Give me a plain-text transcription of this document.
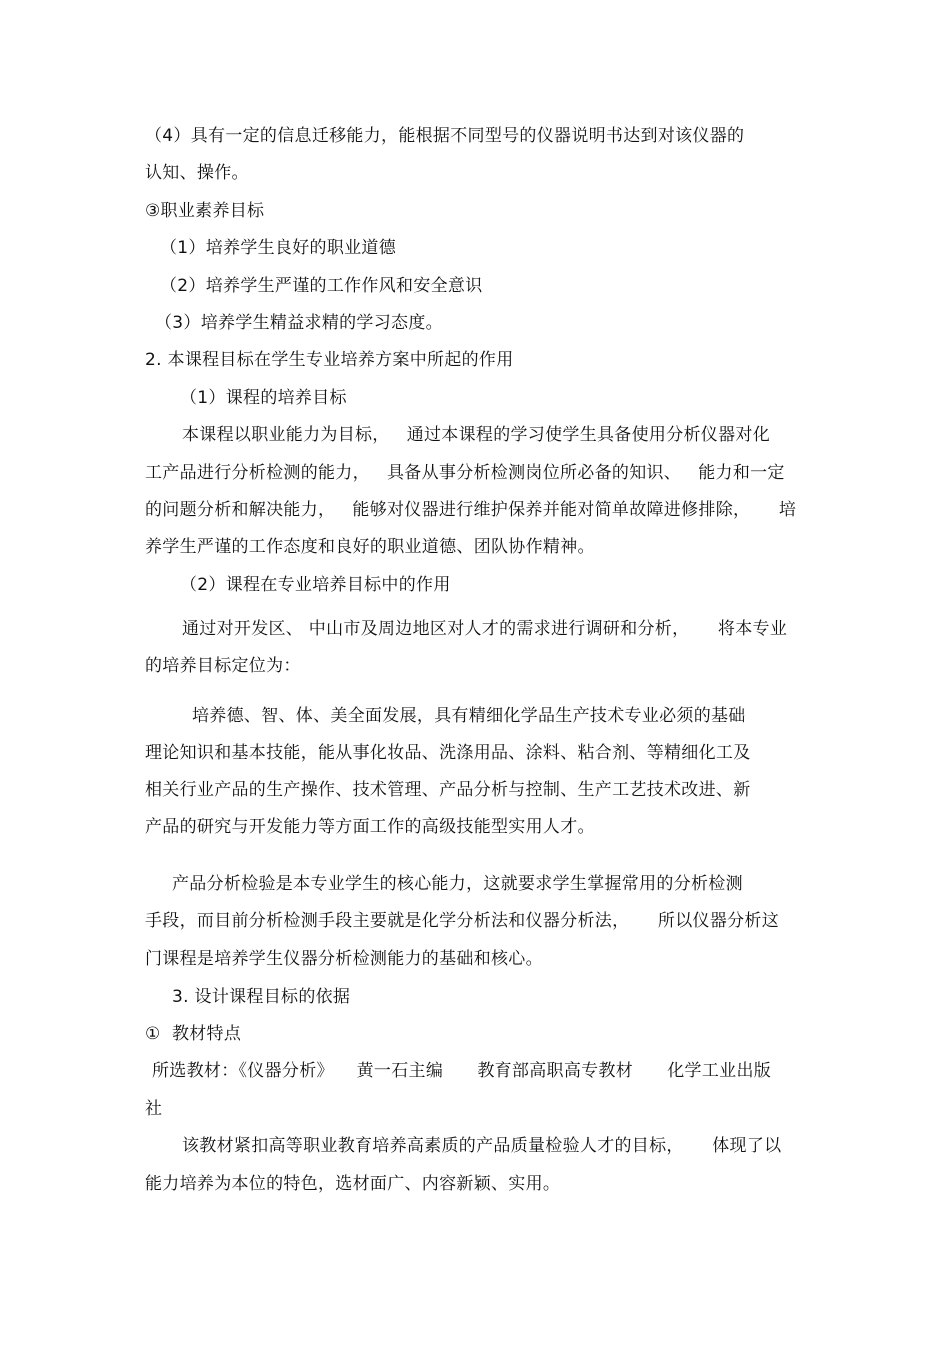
（4）具有一定的信息迁移能力，能根据不同型号的仪器说明书达到对该仪器的
认知、操作。
③职业素养目标
（1）培养学生良好的职业道德
（2）培养学生严谨的工作作风和安全意识
（3）培养学生精益求精的学习态度。
2. 本课程目标在学生专业培养方案中所起的作用
（1）课程的培养目标
本课程以职业能力为目标，   通过本课程的学习使学生具备使用分析仪器对化
工产品进行分析检测的能力，   具备从事分析检测岗位所必备的知识、   能力和一定
的问题分析和解决能力，   能够对仪器进行维护保养并能对简单故障进修排除，     培
养学生严谨的工作态度和良好的职业道德、团队协作精神。
（2）课程在专业培养目标中的作用
通过对开发区、 中山市及周边地区对人才的需求进行调研和分析，     将本专业
的培养目标定位为：
培养德、智、体、美全面发展，具有精细化学品生产技术专业必须的基础
理论知识和基本技能，能从事化妆品、洗涤用品、涂料、粘合剂、等精细化工及
相关行业产品的生产操作、技术管理、产品分析与控制、生产工艺技术改进、新
产品的研究与开发能力等方面工作的高级技能型实用人才。
产品分析检验是本专业学生的核心能力，这就要求学生掌握常用的分析检测
手段，而目前分析检测手段主要就是化学分析法和仪器分析法，     所以仪器分析这
门课程是培养学生仪器分析检测能力的基础和核心。
3. 设计课程目标的依据
①  教材特点
所选教材：《仪器分析》    黄一石主编      教育部高职高专教材      化学工业出版
社
该教材紧扣高等职业教育培养高素质的产品质量检验人才的目标，     体现了以
能力培养为本位的特色，选材面广、内容新颖、实用。
